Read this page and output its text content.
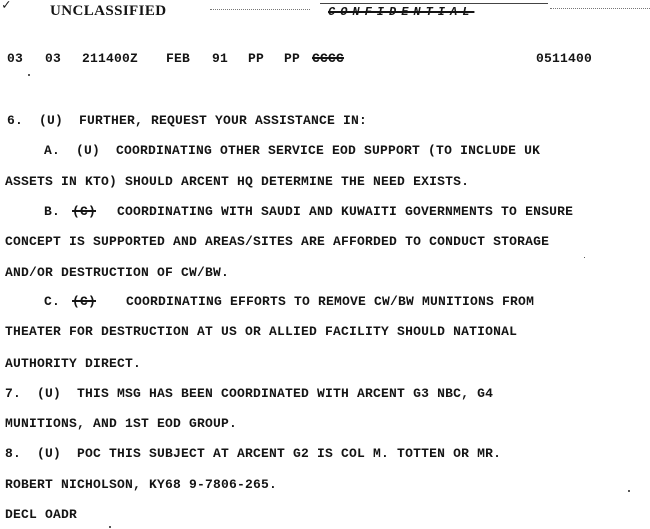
✓	UNCLASSIFIED	CONFIDENTIAL
03 03 211400Z FEB 91 PP PP CCCC	0511400
6.  (U)  FURTHER, REQUEST YOUR ASSISTANCE IN:
A.  (U)  COORDINATING OTHER SERVICE EOD SUPPORT (TO INCLUDE UK
ASSETS IN KTO) SHOULD ARCENT HQ DETERMINE THE NEED EXISTS.
B. (C) COORDINATING WITH SAUDI AND KUWAITI GOVERNMENTS TO ENSURE
CONCEPT IS SUPPORTED AND AREAS/SITES ARE AFFORDED TO CONDUCT STORAGE
AND/OR DESTRUCTION OF CW/BW.
C. (C) COORDINATING EFFORTS TO REMOVE CW/BW MUNITIONS FROM
THEATER FOR DESTRUCTION AT US OR ALLIED FACILITY SHOULD NATIONAL
AUTHORITY DIRECT.
7.  (U)  THIS MSG HAS BEEN COORDINATED WITH ARCENT G3 NBC, G4
MUNITIONS, AND 1ST EOD GROUP.
8.  (U)  POC THIS SUBJECT AT ARCENT G2 IS COL M. TOTTEN OR MR.
ROBERT NICHOLSON, KY68 9-7806-265.
DECL OADR
